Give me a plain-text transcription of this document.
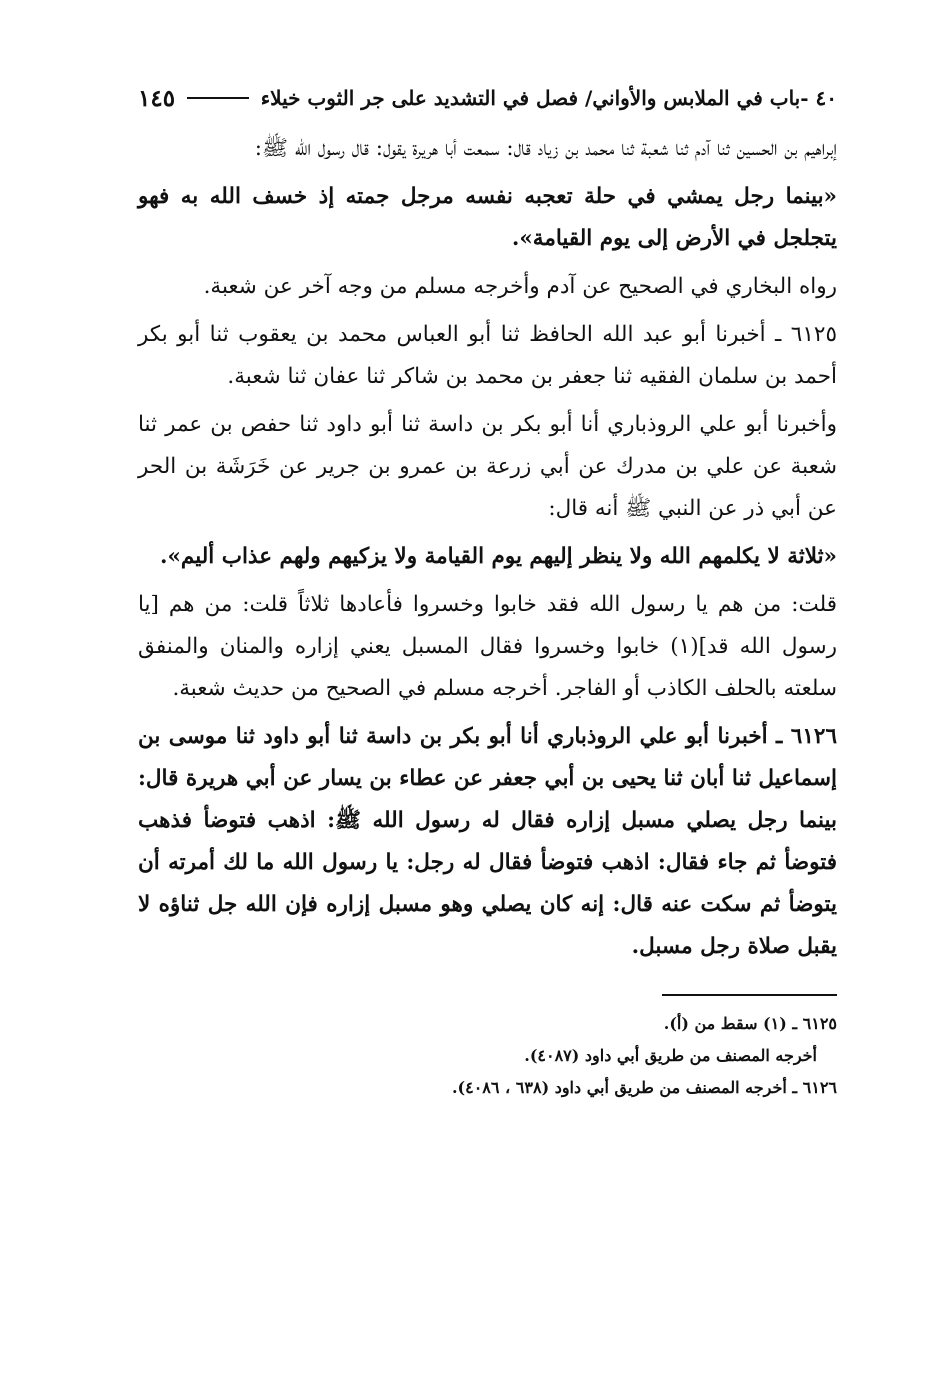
٤٠ -باب في الملابس والأواني/ فصل في التشديد على جر الثوب خيلاء
١٤٥

إبراهيم بن الحسين ثنا آدم ثنا شعبة ثنا محمد بن زياد قال: سمعت أبا هريرة يقول: قال رسول الله ﷺ:

«بينما رجل يمشي في حلة تعجبه نفسه مرجل جمته إذ خسف الله به فهو يتجلجل في الأرض إلى يوم القيامة».

رواه البخاري في الصحيح عن آدم وأخرجه مسلم من وجه آخر عن شعبة.

٦١٢٥ ـ أخبرنا أبو عبد الله الحافظ ثنا أبو العباس محمد بن يعقوب ثنا أبو بكر أحمد بن سلمان الفقيه ثنا جعفر بن محمد بن شاكر ثنا عفان ثنا شعبة.

وأخبرنا أبو علي الروذباري أنا أبو بكر بن داسة ثنا أبو داود ثنا حفص بن عمر ثنا شعبة عن علي بن مدرك عن أبي زرعة بن عمرو بن جرير عن خَرَشَة بن الحر عن أبي ذر عن النبي ﷺ أنه قال:

«ثلاثة لا يكلمهم الله ولا ينظر إليهم يوم القيامة ولا يزكيهم ولهم عذاب أليم».

قلت: من هم يا رسول الله فقد خابوا وخسروا فأعادها ثلاثاً قلت: من هم [يا رسول الله قد](١) خابوا وخسروا فقال المسبل يعني إزاره والمنان والمنفق سلعته بالحلف الكاذب أو الفاجر. أخرجه مسلم في الصحيح من حديث شعبة.

٦١٢٦ ـ أخبرنا أبو علي الروذباري أنا أبو بكر بن داسة ثنا أبو داود ثنا موسى بن إسماعيل ثنا أبان ثنا يحيى بن أبي جعفر عن عطاء بن يسار عن أبي هريرة قال: بينما رجل يصلي مسبل إزاره فقال له رسول الله ﷺ: اذهب فتوضأ فذهب فتوضأ ثم جاء فقال: اذهب فتوضأ فقال له رجل: يا رسول الله ما لك أمرته أن يتوضأ ثم سكت عنه قال: إنه كان يصلي وهو مسبل إزاره فإن الله جل ثناؤه لا يقبل صلاة رجل مسبل.

٦١٢٥ ـ (١) سقط من (أ).

أخرجه المصنف من طريق أبي داود (٤٠٨٧).

٦١٢٦ ـ أخرجه المصنف من طريق أبي داود (٦٣٨ ، ٤٠٨٦).
